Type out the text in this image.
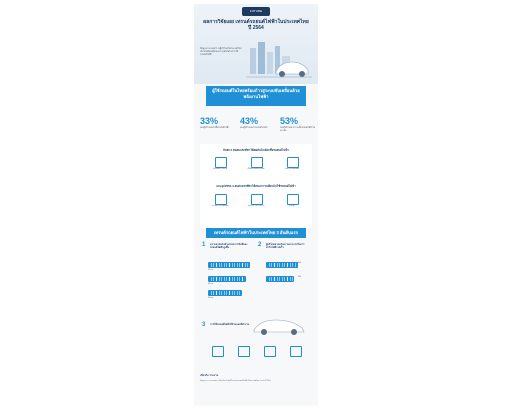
FUTURE
ผลการวิจัยเผย เทรนด์รถยนต์ไฟฟ้าในประเทศไทยปี 2564
ข้อมูลจากแบบสำรวจผู้บริโภคในประเทศไทย เกี่ยวกับทัศนคติและความพร้อมในการใช้รถยนต์ไฟฟ้า
ผู้ใช้รถยนต์ในไทยพร้อมก้าวสู่ระบบขับเคลื่อนด้วยพลังงานไฟฟ้า
33%
ของผู้บริโภคสนใจซื้อรถยนต์ไฟฟ้า
43%
ของผู้บริโภคสนใจรถยนต์ไฮบริด
53%
ของผู้บริโภคคาดว่าจะซื้อรถยนต์ไฟฟ้าในอนาคต
ปัจจัย 3 อันดับแรกที่ทำให้ตัดสินใจเลือกซื้อรถยนต์ไฟฟ้า
ประหยัดค่าใช้จ่าย	เป็นมิตรต่อสิ่งแวดล้อม	เทคโนโลยีทันสมัย
และอุปสรรค 3 อันดับแรกที่ทำให้ลังเลการเปลี่ยนไปใช้รถยนต์ไฟฟ้า
สถานีชาร์จไม่เพียงพอ	ระยะเวลาในการชาร์จ	ราคาสูง
เทรนด์รถยนต์ไฟฟ้าในประเทศไทย 3 อันดับแรก
1 ความคาดหวังด้านระยะการขับขี่ของรถยนต์ไฟฟ้าสูงขึ้น
300 กม.
400 กม.
500 กม.
2 ผู้บริโภคคาดหวังความสามารถในการชาร์จไฟที่รวดเร็ว
80%
60%
3 การใช้รถยนต์ไฟฟ้าที่บ้านและที่ทำงาน
เกี่ยวกับ รายงาน
ข้อมูลจากรายงานผลการวิจัยเกี่ยวกับผู้บริโภคและรถยนต์ไฟฟ้าในประเทศไทย ประจำปี 2564
